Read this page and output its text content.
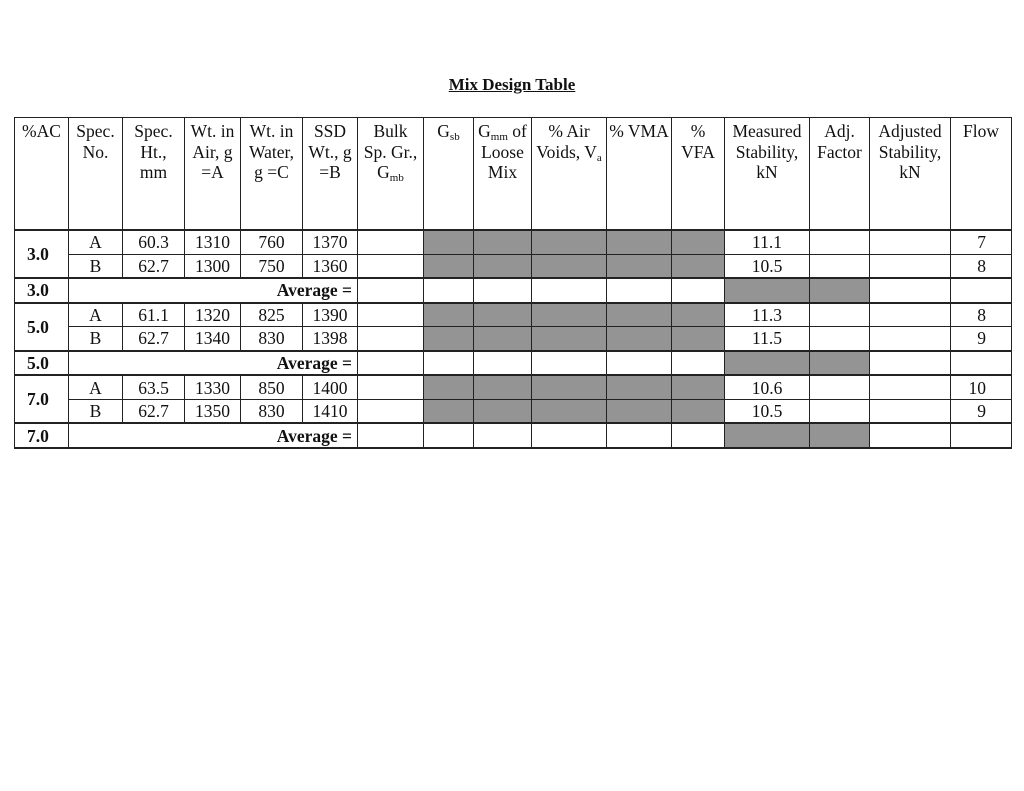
Mix Design Table
%AC	Spec. No.	Spec. Ht., mm	Wt. in Air, g =A	Wt. in Water, g =C	SSD Wt., g =B	Bulk Sp. Gr., $G_{mb}$	$G_{sb}$	$G_{mm}$ of Loose Mix	% Air Voids, $V_a$	% VMA	% VFA	Measured Stability, kN	Adj. Factor	Adjusted Stability, kN	Flow
3.0	A	60.3	1310	760	1370							11.1			7
	B	62.7	1300	750	1360							10.5			8
3.0	Average =														
5.0	A	61.1	1320	825	1390							11.3			8
	B	62.7	1340	830	1398							11.5			9
5.0	Average =														
7.0	A	63.5	1330	850	1400							10.6			10
	B	62.7	1350	830	1410							10.5			9
7.0	Average =														
